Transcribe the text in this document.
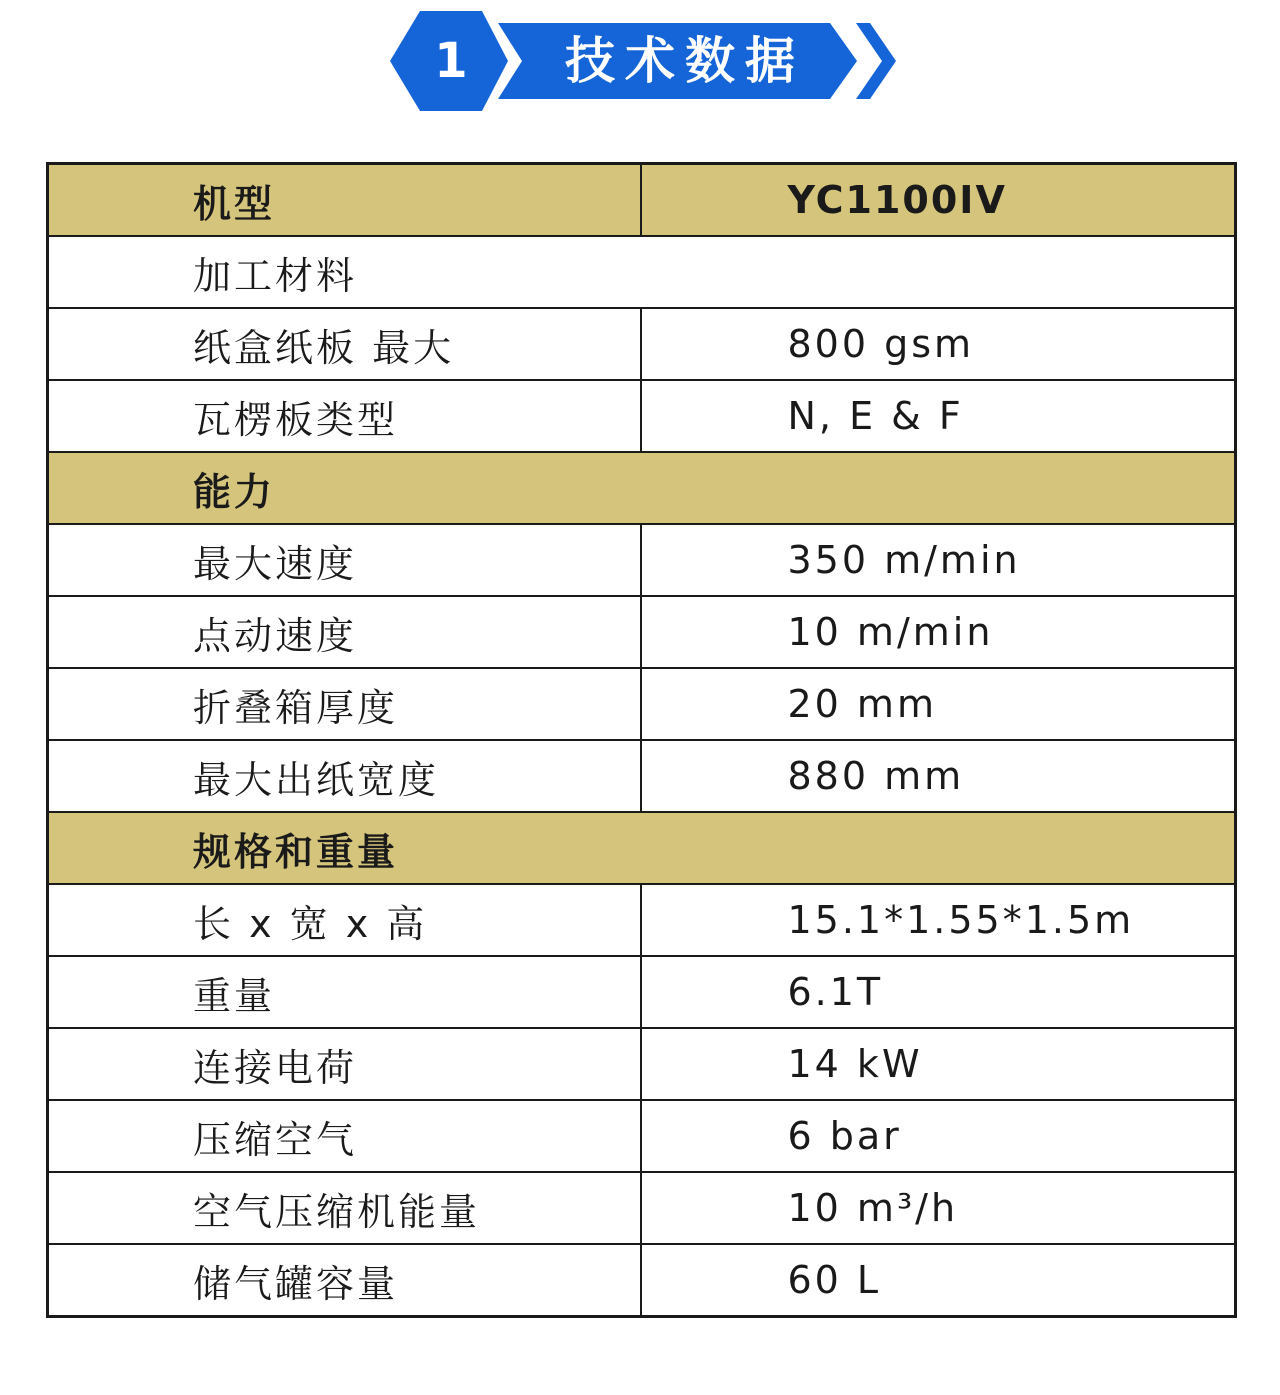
1	技术数据
机型	YC1100IV
加工材料	
纸盒纸板 最大	800 gsm
瓦楞板类型	N, E & F
能力	
最大速度	350 m/min
点动速度	10 m/min
折叠箱厚度	20 mm
最大出纸宽度	880 mm
规格和重量	
长 x 宽 x 高	15.1*1.55*1.5m
重量	6.1T
连接电荷	14 kW
压缩空气	6 bar
空气压缩机能量	10 m³/h
储气罐容量	60 L
